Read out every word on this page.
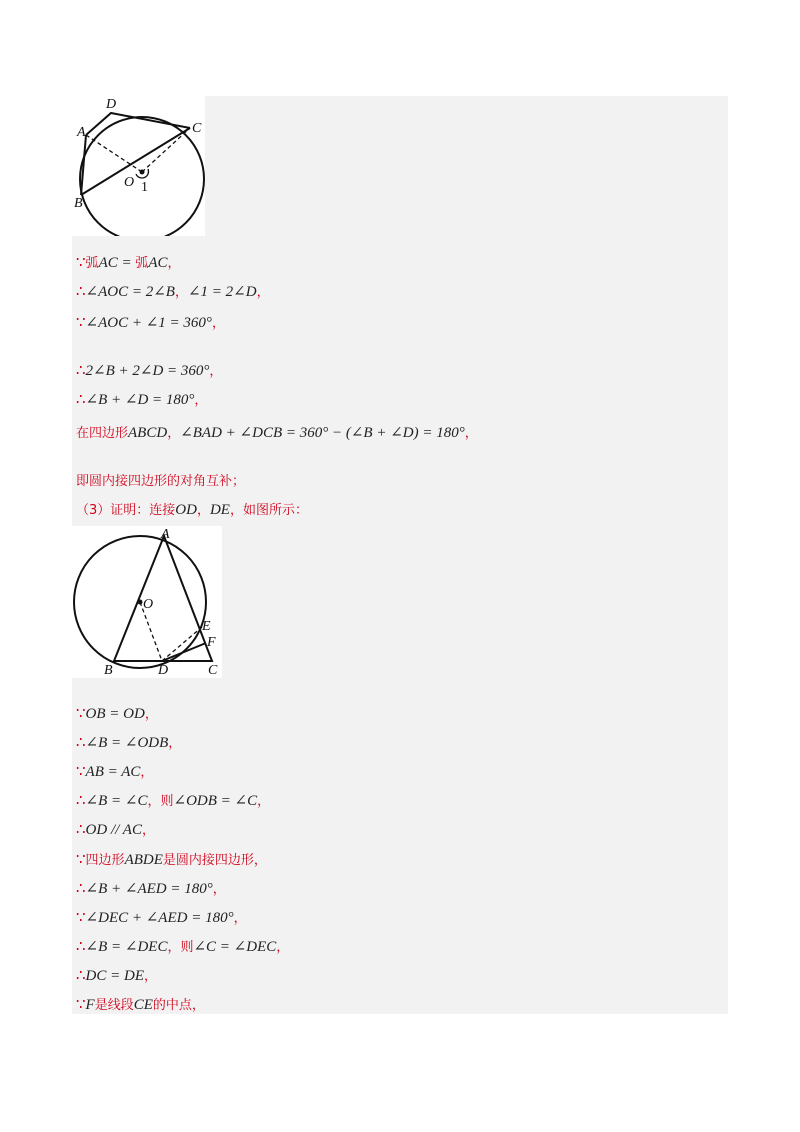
D
A	C
O 1
B
A
O
E
F
B	D	C
∵弧AC = 弧AC，
∴∠AOC = 2∠B，∠1 = 2∠D，
∵∠AOC + ∠1 = 360°，
∴2∠B + 2∠D = 360°，
∴∠B + ∠D = 180°，
在四边形ABCD，∠BAD + ∠DCB = 360° − (∠B + ∠D) = 180°，
即圆内接四边形的对角互补；
（3）证明：连接OD，DE，如图所示：
∵OB = OD，
∴∠B = ∠ODB，
∵AB = AC，
∴∠B = ∠C，则∠ODB = ∠C，
∴OD // AC，
∵四边形ABDE是圆内接四边形，
∴∠B + ∠AED = 180°，
∵∠DEC + ∠AED = 180°，
∴∠B = ∠DEC，则∠C = ∠DEC，
∴DC = DE，
∵F是线段CE的中点，
